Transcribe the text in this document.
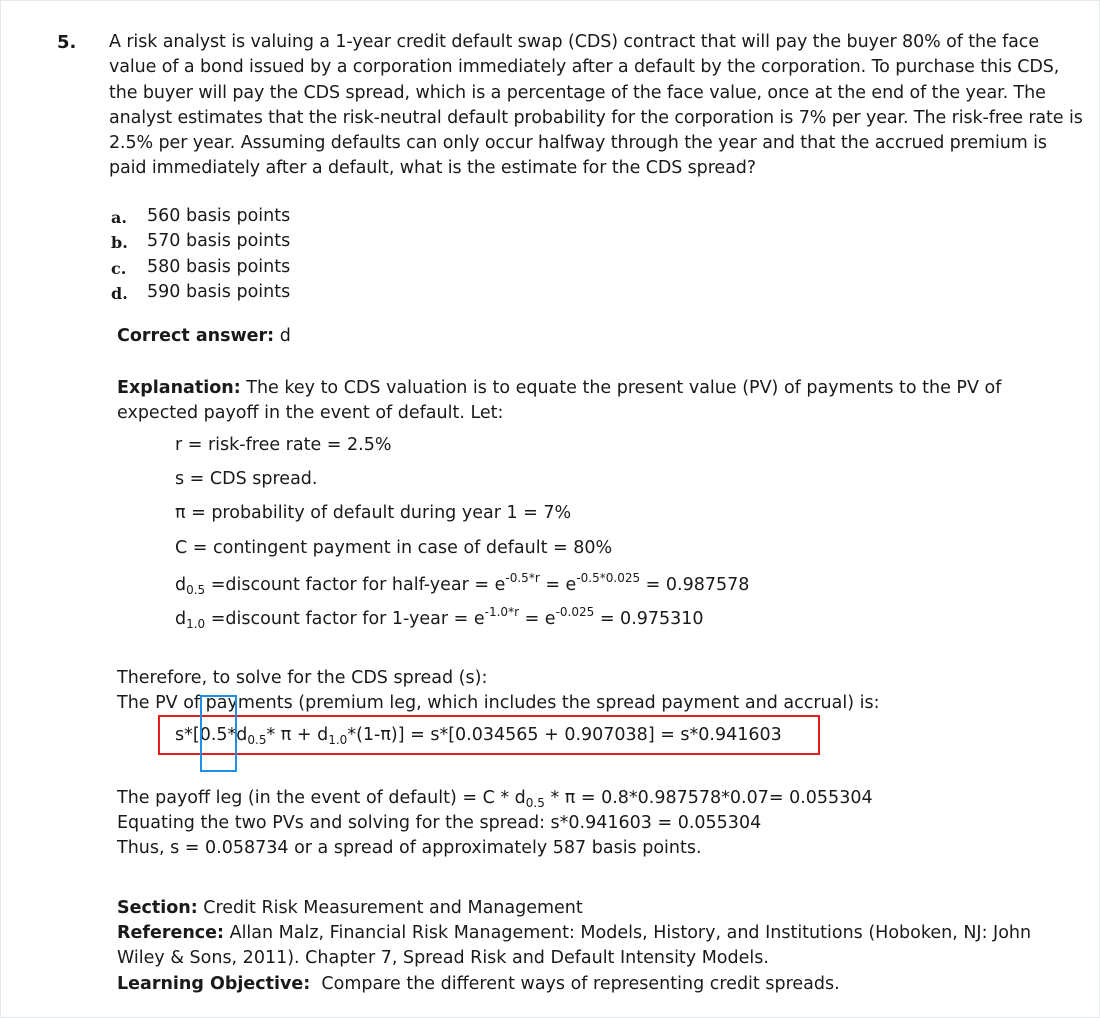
5. A risk analyst is valuing a 1-year credit default swap (CDS) contract that will pay the buyer 80% of the face
value of a bond issued by a corporation immediately after a default by the corporation. To purchase this CDS,
the buyer will pay the CDS spread, which is a percentage of the face value, once at the end of the year. The
analyst estimates that the risk-neutral default probability for the corporation is 7% per year. The risk-free rate is
2.5% per year. Assuming defaults can only occur halfway through the year and that the accrued premium is
paid immediately after a default, what is the estimate for the CDS spread?
a. 560 basis points
b. 570 basis points
c. 580 basis points
d. 590 basis points
Correct answer: d
Explanation: The key to CDS valuation is to equate the present value (PV) of payments to the PV of
expected payoff in the event of default. Let:
r = risk-free rate = 2.5%
s = CDS spread.
π = probability of default during year 1 = 7%
C = contingent payment in case of default = 80%
$d_{0.5}$ =discount factor for half-year = $e^{-0.5*r} = e^{-0.5*0.025} = 0.987578$
$d_{1.0}$ =discount factor for 1-year = $e^{-1.0*r} = e^{-0.025} = 0.975310$
Therefore, to solve for the CDS spread (s):
The PV of payments (premium leg, which includes the spread payment and accrual) is:
$s*[0.5*d_{0.5}*$ $\pi + d_{1.0}*(1-\pi)] = s*[0.034565 + 0.907038] = s*0.941603$
The payoff leg (in the event of default) = $C * d_{0.5} * \pi = 0.8*0.987578*0.07= 0.055304$
Equating the two PVs and solving for the spread: s*0.941603 = 0.055304
Thus, s = 0.058734 or a spread of approximately 587 basis points.
Section: Credit Risk Measurement and Management
Reference: Allan Malz, Financial Risk Management: Models, History, and Institutions (Hoboken, NJ: John
Wiley & Sons, 2011). Chapter 7, Spread Risk and Default Intensity Models.
Learning Objective:  Compare the different ways of representing credit spreads.
